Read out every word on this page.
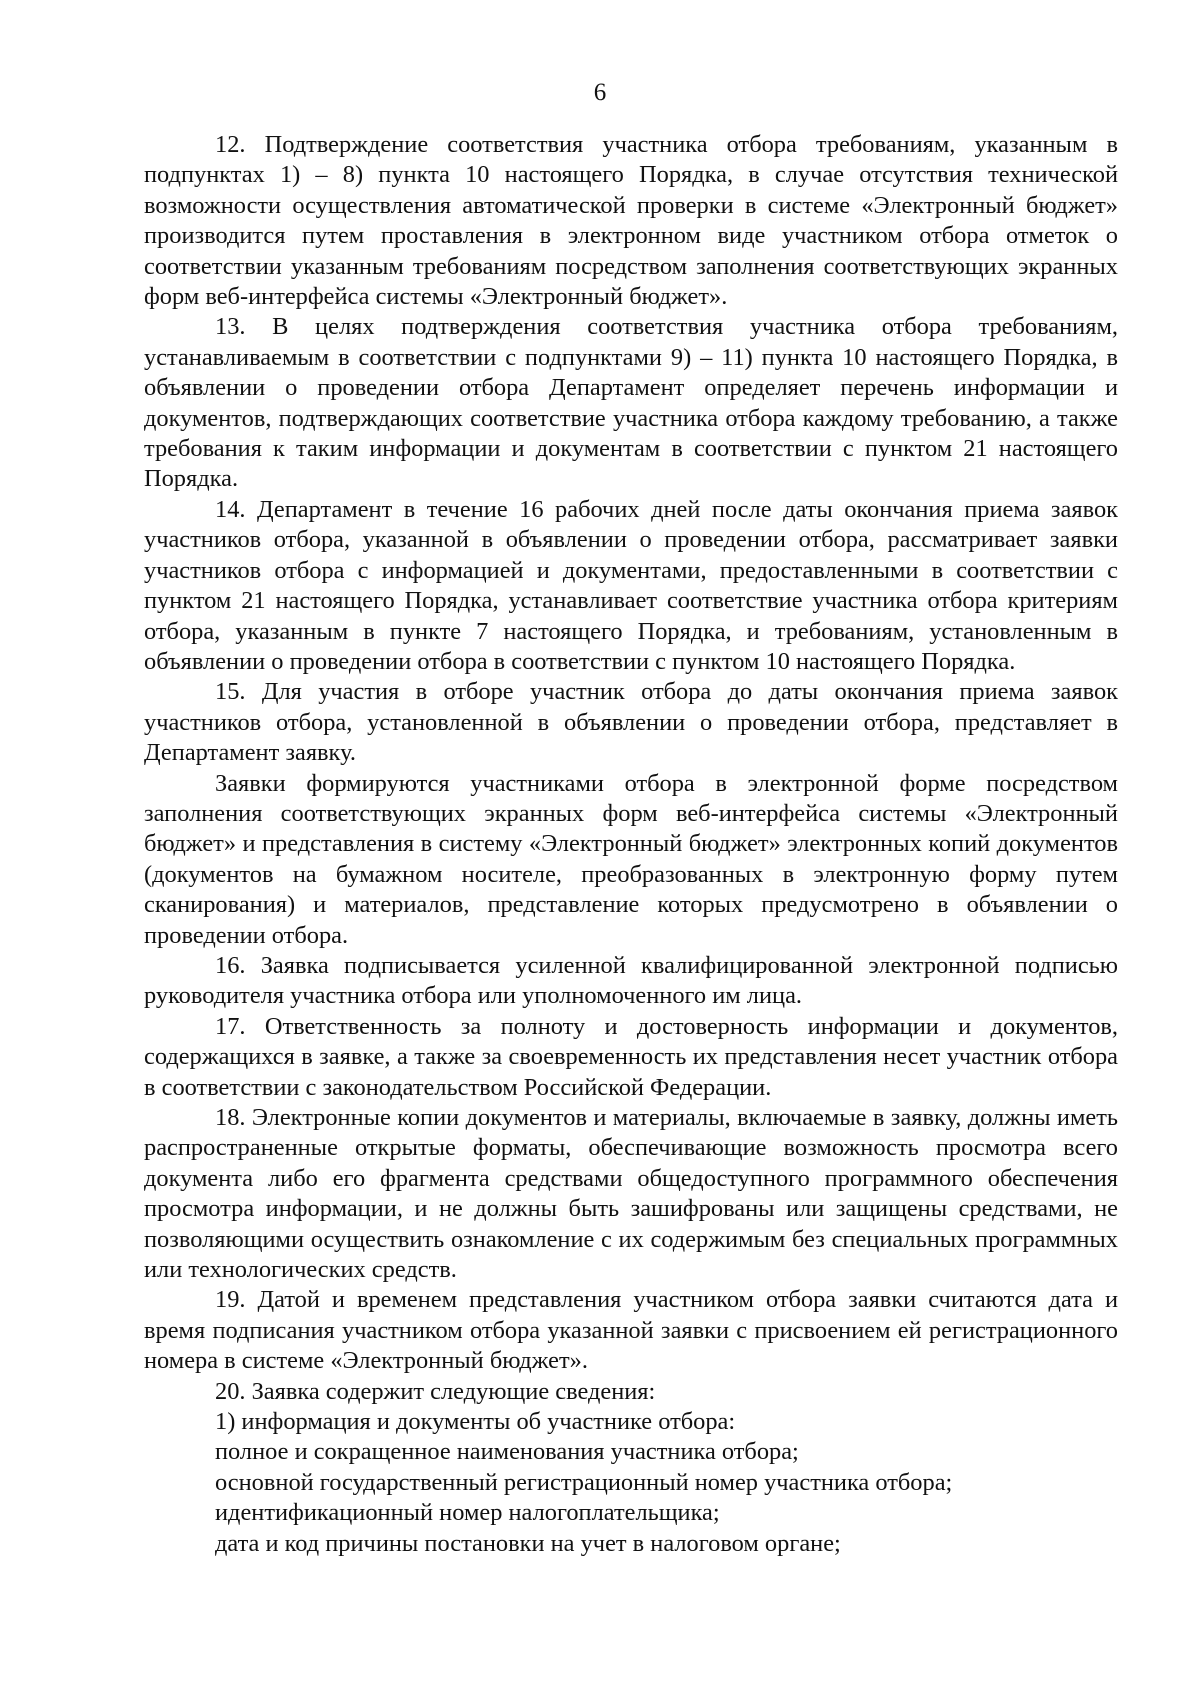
6

12. Подтверждение соответствия участника отбора требованиям, указанным в подпунктах 1) – 8) пункта 10 настоящего Порядка, в случае отсутствия технической возможности осуществления автоматической проверки в системе «Электронный бюджет» производится путем проставления в электронном виде участником отбора отметок о соответствии указанным требованиям посредством заполнения соответствующих экранных форм веб-интерфейса системы «Электронный бюджет».

13. В целях подтверждения соответствия участника отбора требованиям, устанавливаемым в соответствии с подпунктами 9) – 11) пункта 10 настоящего Порядка, в объявлении о проведении отбора Департамент определяет перечень информации и документов, подтверждающих соответствие участника отбора каждому требованию, а также требования к таким информации и документам в соответствии с пунктом 21 настоящего Порядка.

14. Департамент в течение 16 рабочих дней после даты окончания приема заявок участников отбора, указанной в объявлении о проведении отбора, рассматривает заявки участников отбора с информацией и документами, предоставленными в соответствии с пунктом 21 настоящего Порядка, устанавливает соответствие участника отбора критериям отбора, указанным в пункте 7 настоящего Порядка, и требованиям, установленным в объявлении о проведении отбора в соответствии с пунктом 10 настоящего Порядка.

15. Для участия в отборе участник отбора до даты окончания приема заявок участников отбора, установленной в объявлении о проведении отбора, представляет в Департамент заявку.

Заявки формируются участниками отбора в электронной форме посредством заполнения соответствующих экранных форм веб-интерфейса системы «Электронный бюджет» и представления в систему «Электронный бюджет» электронных копий документов (документов на бумажном носителе, преобразованных в электронную форму путем сканирования) и материалов, представление которых предусмотрено в объявлении о проведении отбора.

16. Заявка подписывается усиленной квалифицированной электронной подписью руководителя участника отбора или уполномоченного им лица.

17. Ответственность за полноту и достоверность информации и документов, содержащихся в заявке, а также за своевременность их представления несет участник отбора в соответствии с законодательством Российской Федерации.

18. Электронные копии документов и материалы, включаемые в заявку, должны иметь распространенные открытые форматы, обеспечивающие возможность просмотра всего документа либо его фрагмента средствами общедоступного программного обеспечения просмотра информации, и не должны быть зашифрованы или защищены средствами, не позволяющими осуществить ознакомление с их содержимым без специальных программных или технологических средств.

19. Датой и временем представления участником отбора заявки считаются дата и время подписания участником отбора указанной заявки с присвоением ей регистрационного номера в системе «Электронный бюджет».

20. Заявка содержит следующие сведения:

1) информация и документы об участнике отбора:

полное и сокращенное наименования участника отбора;

основной государственный регистрационный номер участника отбора;

идентификационный номер налогоплательщика;

дата и код причины постановки на учет в налоговом органе;
